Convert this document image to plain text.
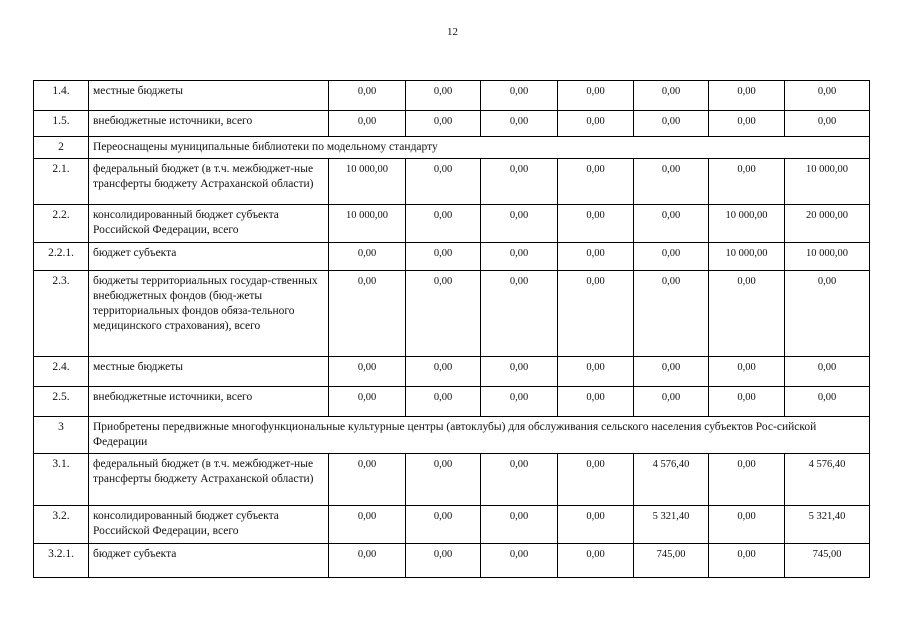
12
1.4.	местные бюджеты	0,00	0,00	0,00	0,00	0,00	0,00	0,00
1.5.	внебюджетные источники, всего	0,00	0,00	0,00	0,00	0,00	0,00	0,00
2	Переоснащены муниципальные библиотеки по модельному стандарту							
2.1.	федеральный бюджет (в т.ч. межбюджет-ные трансферты бюджету Астраханской области)	10 000,00	0,00	0,00	0,00	0,00	0,00	10 000,00
2.2.	консолидированный бюджет субъекта Российской Федерации, всего	10 000,00	0,00	0,00	0,00	0,00	10 000,00	20 000,00
2.2.1.	бюджет субъекта	0,00	0,00	0,00	0,00	0,00	10 000,00	10 000,00
2.3.	бюджеты территориальных государ-ственных внебюджетных фондов (бюд-жеты территориальных фондов обяза-тельного медицинского страхования), всего	0,00	0,00	0,00	0,00	0,00	0,00	0,00
2.4.	местные бюджеты	0,00	0,00	0,00	0,00	0,00	0,00	0,00
2.5.	внебюджетные источники, всего	0,00	0,00	0,00	0,00	0,00	0,00	0,00
3	Приобретены передвижные многофункциональные культурные центры (автоклубы) для обслуживания сельского населения субъектов Рос-сийской Федерации							
3.1.	федеральный бюджет (в т.ч. межбюджет-ные трансферты бюджету Астраханской области)	0,00	0,00	0,00	0,00	4 576,40	0,00	4 576,40
3.2.	консолидированный бюджет субъекта Российской Федерации, всего	0,00	0,00	0,00	0,00	5 321,40	0,00	5 321,40
3.2.1.	бюджет субъекта	0,00	0,00	0,00	0,00	745,00	0,00	745,00
